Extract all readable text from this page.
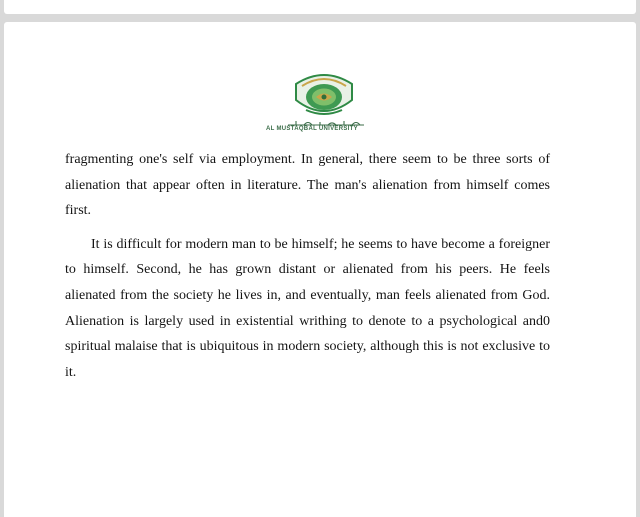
AL MUSTAQBAL UNIVERSITY

fragmenting one's self via employment. In general, there seem to be three sorts of alienation that appear often in literature. The man's alienation from himself comes first.

It is difficult for modern man to be himself; he seems to have become a foreigner to himself. Second, he has grown distant or alienated from his peers. He feels alienated from the society he lives in, and eventually, man feels alienated from God. Alienation is largely used in existential writhing to denote to a psychological and0 spiritual malaise that is ubiquitous in modern society, although this is not exclusive to it.
